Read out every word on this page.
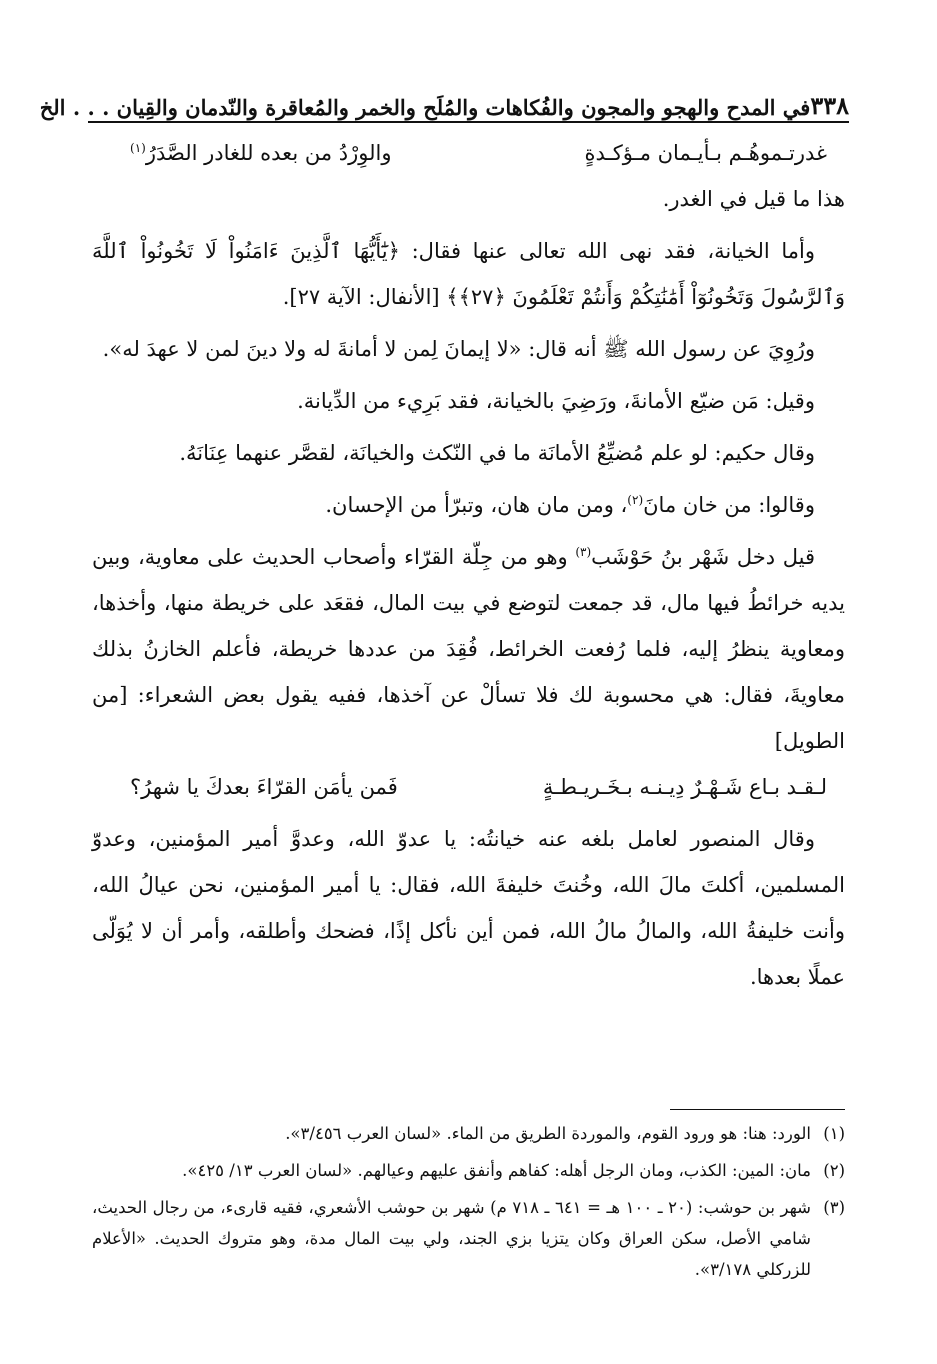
٣٣٨
في المدح والهجو والمجون والفُكاهات والمُلَح والخمر والمُعاقرة والنّدمان والقِيان . . . الخ
غدرتـموهُـم بـأيـمان مـؤكـدةٍ
والوِرْدُ من بعده للغادر الصَّدَرُ$^{(١)}$

هذا ما قيل في الغدر.

وأما الخيانة، فقد نهى الله تعالى عنها فقال: ﴿يَٰٓأَيُّهَا ٱلَّذِينَ ءَامَنُواْ لَا تَخُونُواْ ٱللَّهَ وَٱلرَّسُولَ وَتَخُونُوٓاْ أَمَٰنَٰتِكُمْ وَأَنتُمْ تَعْلَمُونَ ﴿٢٧﴾﴾ [الأنفال: الآية ٢٧].

ورُوِيَ عن رسول الله ﷺ أنه قال: «لا إيمانَ لِمن لا أمانةَ له ولا دينَ لمن لا عهدَ له».

وقيل: مَن ضيّع الأمانةَ، ورَضِيَ بالخيانة، فقد بَرِيء من الدِّيانة.

وقال حكيم: لو علم مُضيِّعُ الأمانَة ما في النّكث والخيانَة، لقصَّر عنهما عِنَانَهُ.

وقالوا: من خان مانَ$^{(٢)}$، ومن مان هان، وتبرّأ من الإحسان.

قيل دخل شَهْر بنُ حَوْشَب$^{(٣)}$ وهو من جِلّة القرّاء وأصحاب الحديث على معاوية، وبين يديه خرائطُ فيها مال، قد جمعت لتوضع في بيت المال، فقعَد على خريطة منها، وأخذها، ومعاوية ينظرُ إليه، فلما رُفعت الخرائط، فُقِدَ من عددها خريطة، فأعلم الخازنُ بذلك معاويةَ، فقال: هي محسوبة لك فلا تسألْ عن آخذها، ففيه يقول بعض الشعراء: [من الطويل]

لـقـد بـاع شَـهْـرٌ دِيـنـه بـخَـريـطـةٍ
فَمن يأمَن القرّاءَ بعدكَ يا شهرُ؟

وقال المنصور لعامل بلغه عنه خيانتُه: يا عدوّ الله، وعدوَّ أمير المؤمنين، وعدوّ المسلمين، أكلتَ مالَ الله، وخُنتَ خليفةَ الله، فقال: يا أمير المؤمنين، نحن عيالُ الله، وأنت خليفةُ الله، والمالُ مالُ الله، فمن أين نأكل إذًا، فضحك وأطلقه، وأمر أن لا يُوَلّى عملًا بعدها.

(١)
الورد: هنا: هو ورود القوم، والموردة الطريق من الماء. «لسان العرب ٣/٤٥٦».
(٢)
مان: المين: الكذب، ومان الرجل أهله: كفاهم وأنفق عليهم وعيالهم. «لسان العرب ١٣/ ٤٢٥».
(٣)
شهر بن حوشب: (٢٠ ـ ١٠٠ هـ = ٦٤١ ـ ٧١٨ م) شهر بن حوشب الأشعري، فقيه قارىء، من رجال الحديث، شامي الأصل، سكن العراق وكان يتزيا بزي الجند، ولي بيت المال مدة، وهو متروك الحديث. «الأعلام للزركلي ٣/١٧٨».
